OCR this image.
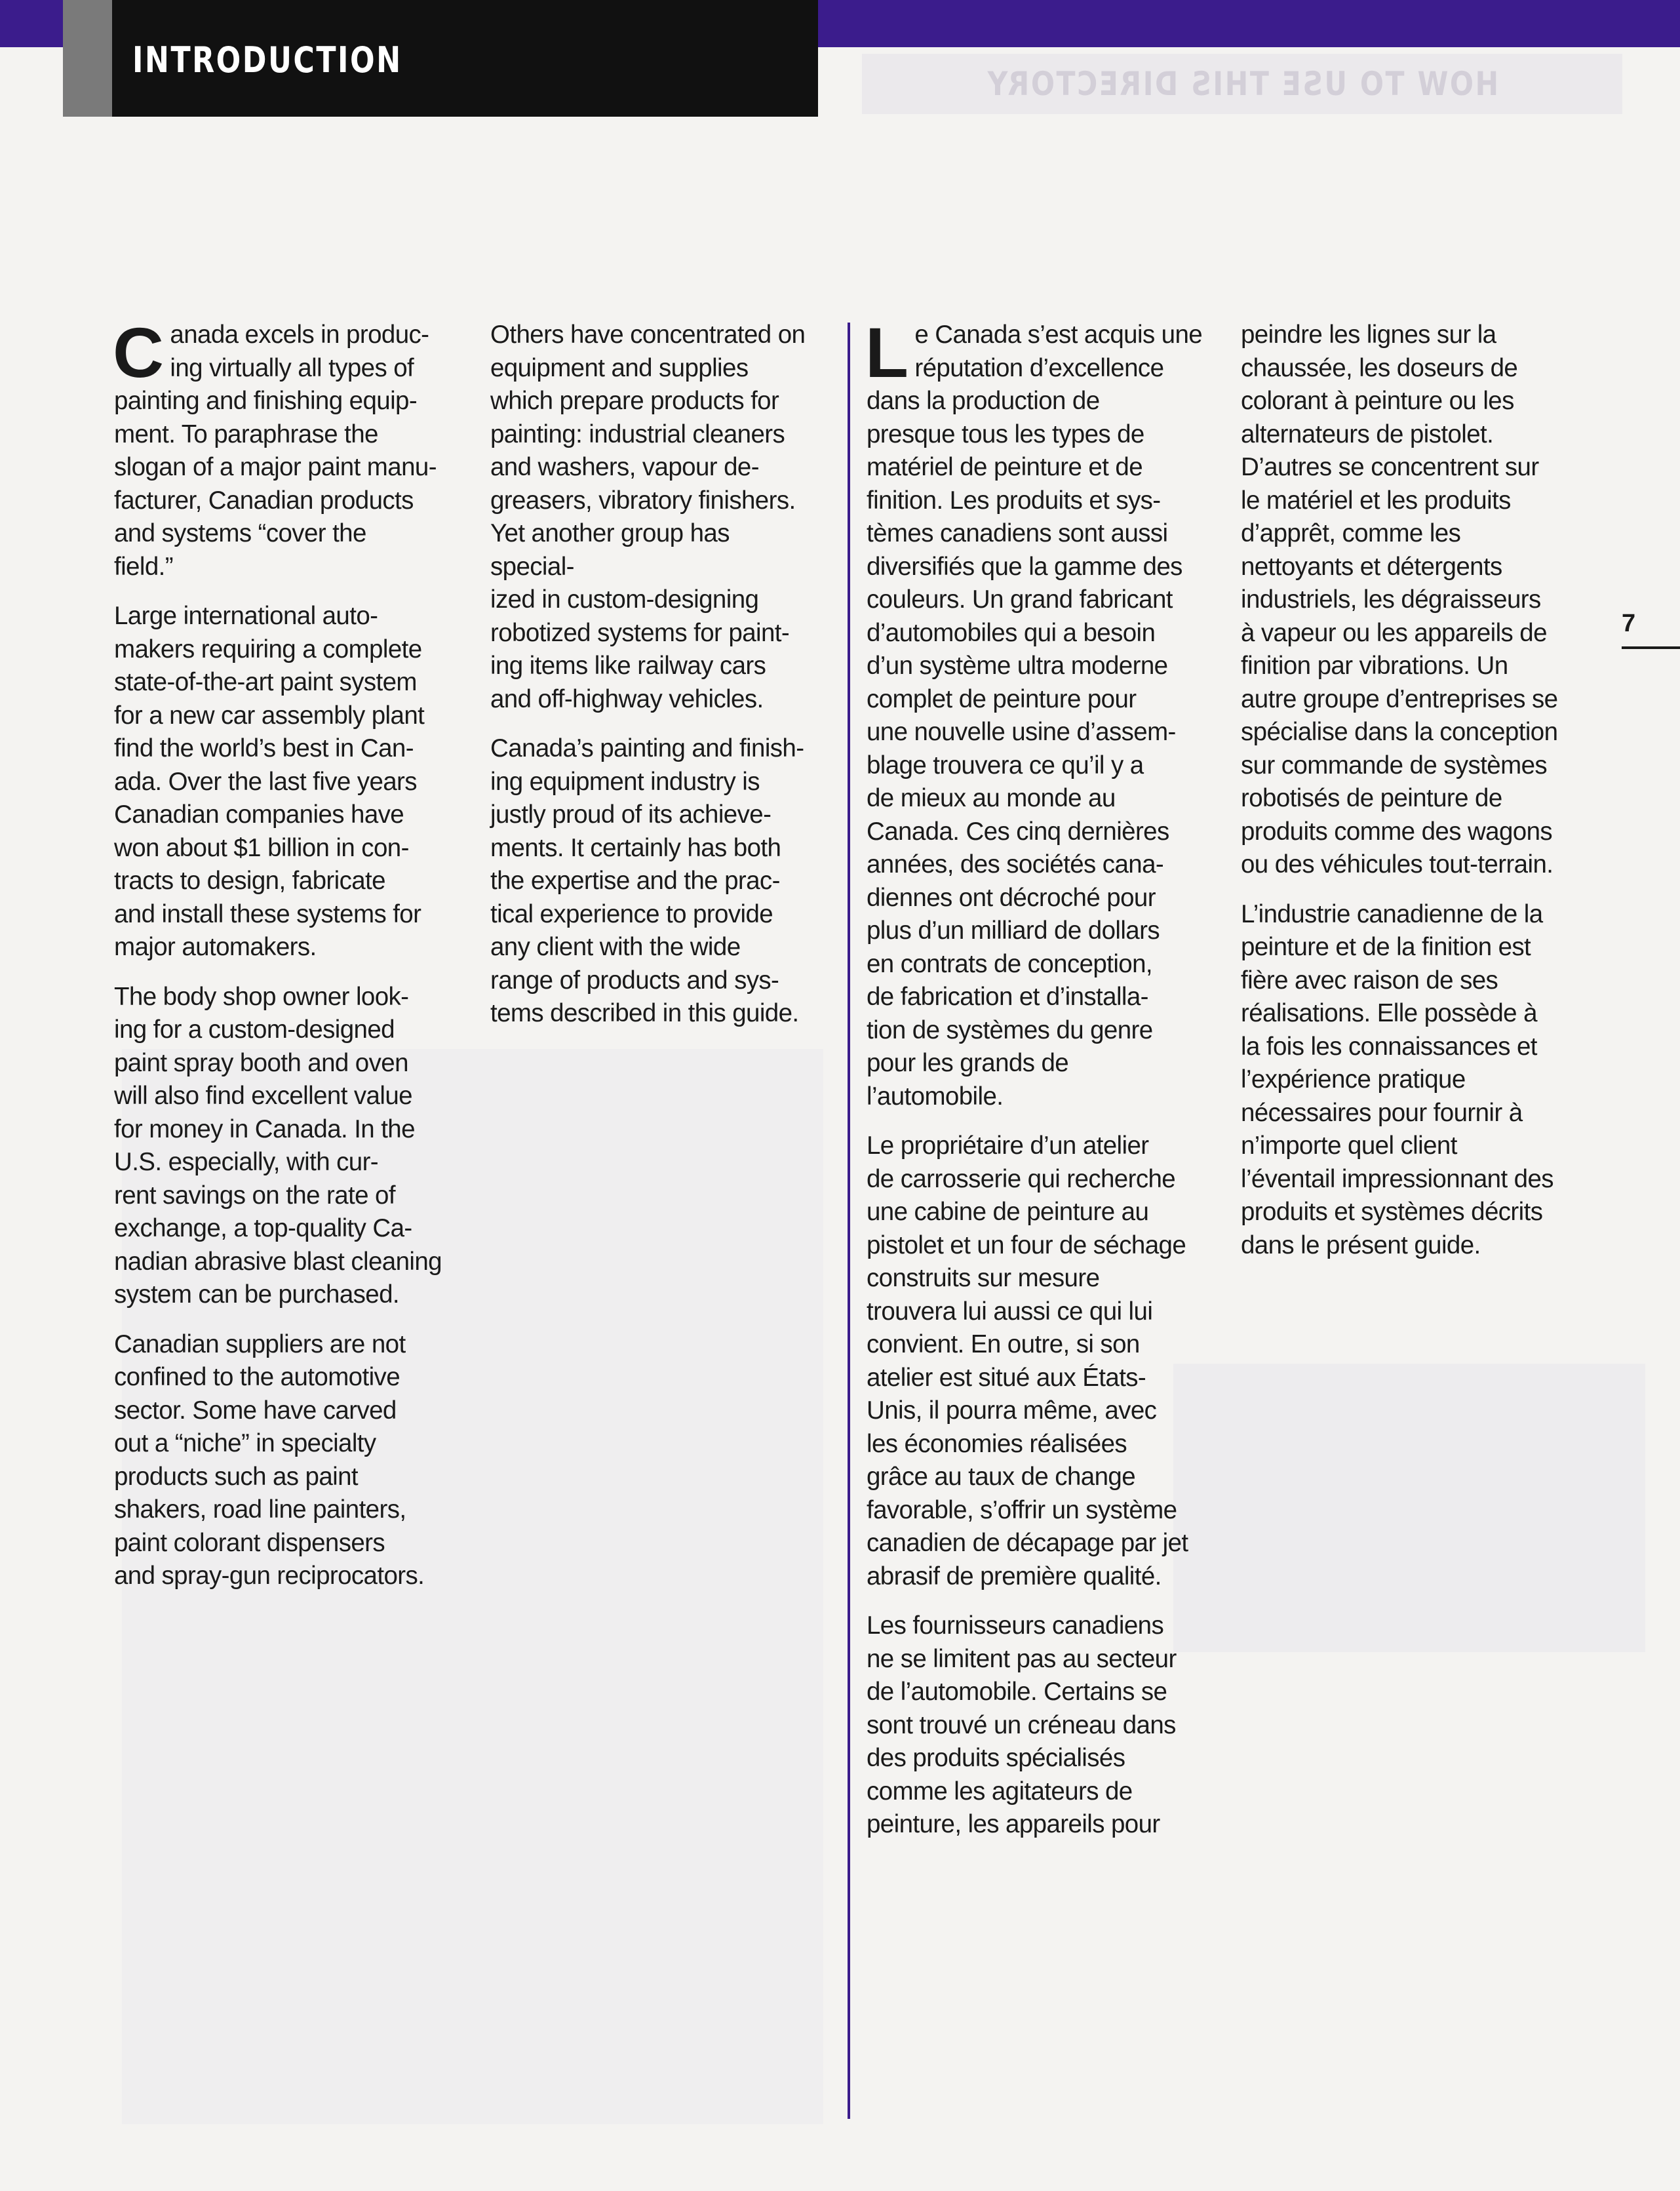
HOW TO USE THIS DIRECTORY
INTRODUCTION

Canada excels in produc-
ing virtually all types of
painting and finishing equip-
ment. To paraphrase the
slogan of a major paint manu-
facturer, Canadian products
and systems “cover the
field.”

Large international auto-
makers requiring a complete
state-of-the-art paint system
for a new car assembly plant
find the world’s best in Can-
ada. Over the last five years
Canadian companies have
won about $1 billion in con-
tracts to design, fabricate
and install these systems for
major automakers.

The body shop owner look-
ing for a custom-designed
paint spray booth and oven
will also find excellent value
for money in Canada. In the
U.S. especially, with cur-
rent savings on the rate of
exchange, a top-quality Ca-
nadian abrasive blast cleaning
system can be purchased.

Canadian suppliers are not
confined to the automotive
sector. Some have carved
out a “niche” in specialty
products such as paint
shakers, road line painters,
paint colorant dispensers
and spray-gun reciprocators.

Others have concentrated on
equipment and supplies
which prepare products for
painting: industrial cleaners
and washers, vapour de-
greasers, vibratory finishers.
Yet another group has special-
ized in custom-designing
robotized systems for paint-
ing items like railway cars
and off-highway vehicles.

Canada’s painting and finish-
ing equipment industry is
justly proud of its achieve-
ments. It certainly has both
the expertise and the prac-
tical experience to provide
any client with the wide
range of products and sys-
tems described in this guide.

Le Canada s’est acquis une
réputation d’excellence
dans la production de
presque tous les types de
matériel de peinture et de
finition. Les produits et sys-
tèmes canadiens sont aussi
diversifiés que la gamme des
couleurs. Un grand fabricant
d’automobiles qui a besoin
d’un système ultra moderne
complet de peinture pour
une nouvelle usine d’assem-
blage trouvera ce qu’il y a
de mieux au monde au
Canada. Ces cinq dernières
années, des sociétés cana-
diennes ont décroché pour
plus d’un milliard de dollars
en contrats de conception,
de fabrication et d’installa-
tion de systèmes du genre
pour les grands de
l’automobile.

Le propriétaire d’un atelier
de carrosserie qui recherche
une cabine de peinture au
pistolet et un four de séchage
construits sur mesure
trouvera lui aussi ce qui lui
convient. En outre, si son
atelier est situé aux États-
Unis, il pourra même, avec
les économies réalisées
grâce au taux de change
favorable, s’offrir un système
canadien de décapage par jet
abrasif de première qualité.

Les fournisseurs canadiens
ne se limitent pas au secteur
de l’automobile. Certains se
sont trouvé un créneau dans
des produits spécialisés
comme les agitateurs de
peinture, les appareils pour

peindre les lignes sur la
chaussée, les doseurs de
colorant à peinture ou les
alternateurs de pistolet.
D’autres se concentrent sur
le matériel et les produits
d’apprêt, comme les
nettoyants et détergents
industriels, les dégraisseurs
à vapeur ou les appareils de
finition par vibrations. Un
autre groupe d’entreprises se
spécialise dans la conception
sur commande de systèmes
robotisés de peinture de
produits comme des wagons
ou des véhicules tout-terrain.

L’industrie canadienne de la
peinture et de la finition est
fière avec raison de ses
réalisations. Elle possède à
la fois les connaissances et
l’expérience pratique
nécessaires pour fournir à
n’importe quel client
l’éventail impressionnant des
produits et systèmes décrits
dans le présent guide.

7
